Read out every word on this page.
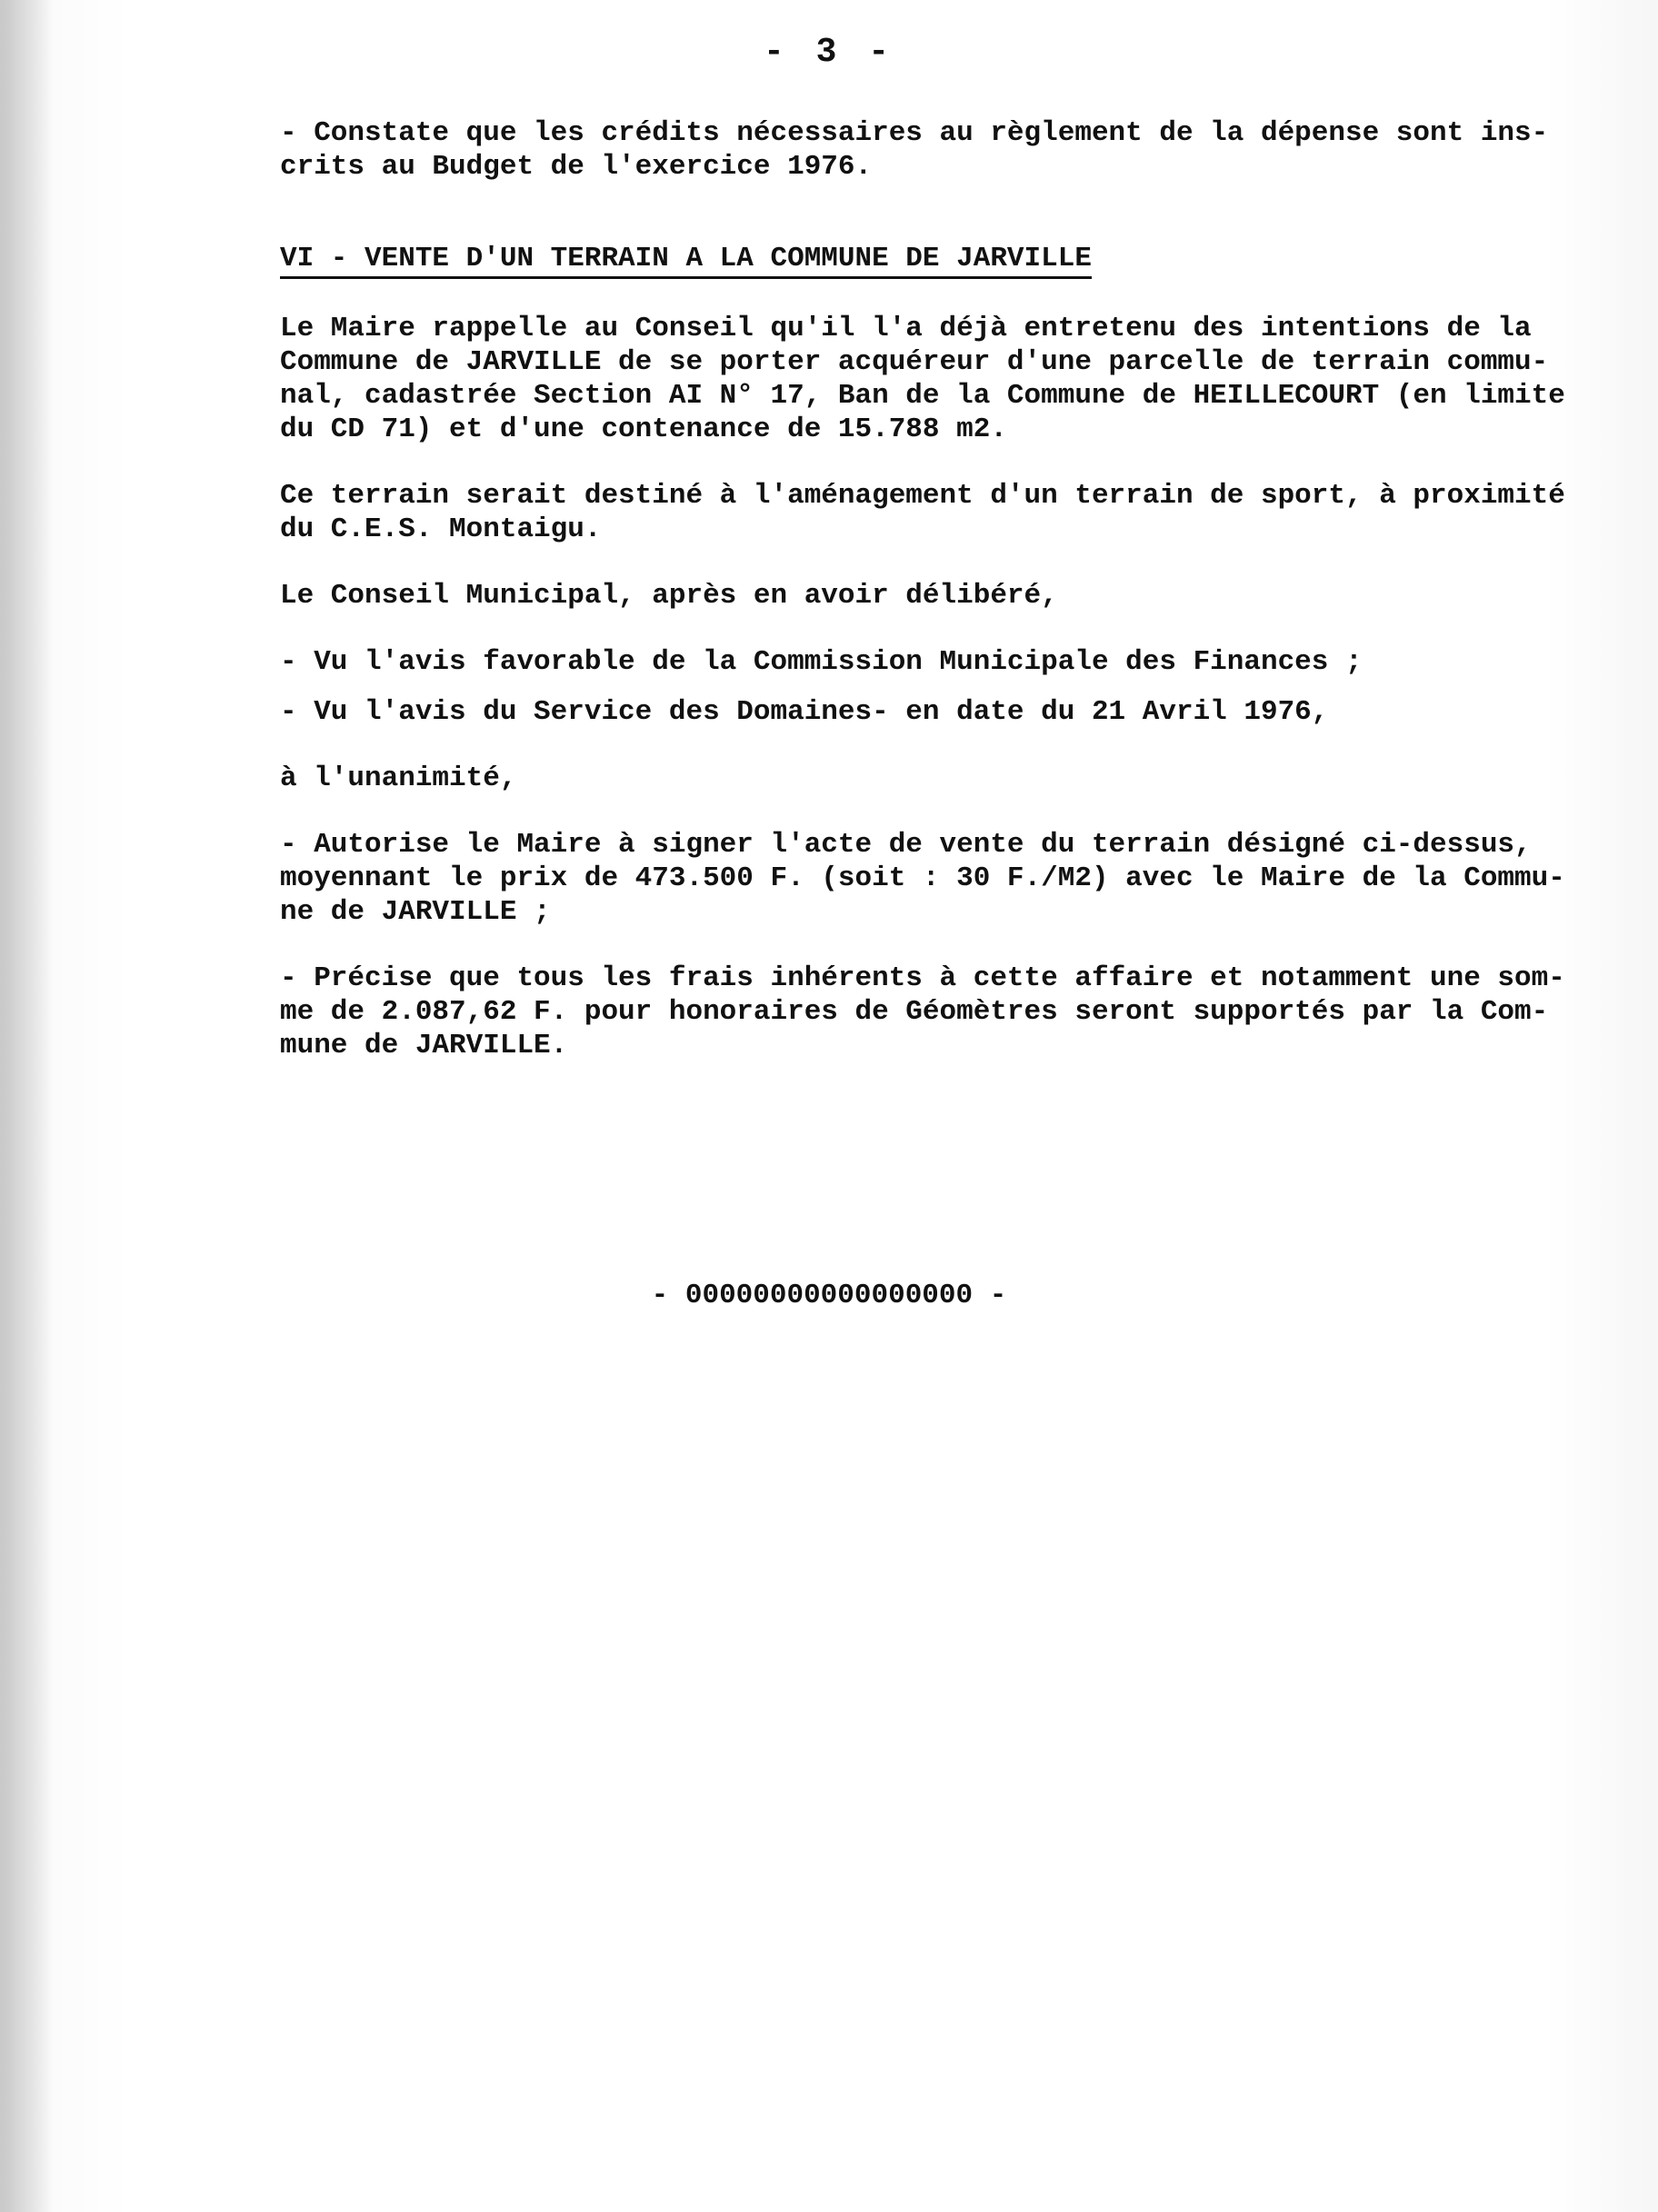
- 3 -

- Constate que les crédits nécessaires au règlement de la dépense sont ins-
crits au Budget de l'exercice 1976.

VI - VENTE D'UN TERRAIN A LA COMMUNE DE JARVILLE

Le Maire rappelle au Conseil qu'il l'a déjà entretenu des intentions de la
Commune de JARVILLE de se porter acquéreur d'une parcelle de terrain commu-
nal, cadastrée Section AI N° 17, Ban de la Commune de HEILLECOURT (en limite
du CD 71) et d'une contenance de 15.788 m2.

Ce terrain serait destiné à l'aménagement d'un terrain de sport, à proximité
du C.E.S. Montaigu.

Le Conseil Municipal, après en avoir délibéré,

- Vu l'avis favorable de la Commission Municipale des Finances ;

- Vu l'avis du Service des Domaines- en date du 21 Avril 1976,

à l'unanimité,

- Autorise le Maire à signer l'acte de vente du terrain désigné ci-dessus,
moyennant le prix de 473.500 F. (soit : 30 F./M2) avec le Maire de la Commu-
ne de JARVILLE ;

- Précise que tous les frais inhérents à cette affaire et notamment une som-
me de 2.087,62 F. pour honoraires de Géomètres seront supportés par la Com-
mune de JARVILLE.

- 00000000000000000 -
